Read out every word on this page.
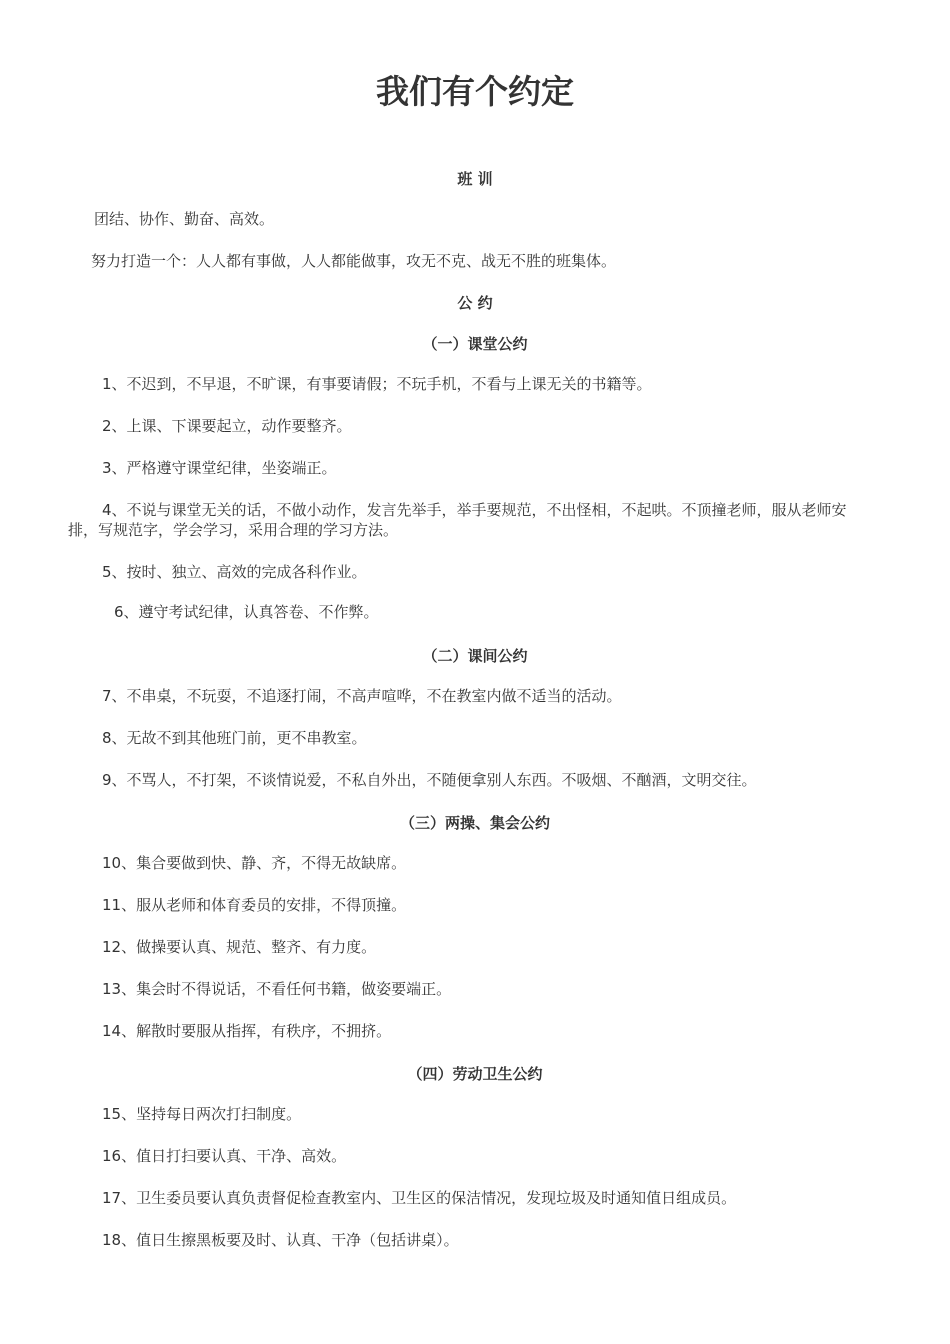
我们有个约定
班 训

团结、协作、勤奋、高效。

努力打造一个：人人都有事做，人人都能做事，攻无不克、战无不胜的班集体。

公 约
（一）课堂公约

1、不迟到，不早退，不旷课，有事要请假；不玩手机，不看与上课无关的书籍等。

2、上课、下课要起立，动作要整齐。

3、严格遵守课堂纪律，坐姿端正。

4、不说与课堂无关的话，不做小动作，发言先举手，举手要规范，不出怪相，不起哄。不顶撞老师，服从老师安排，写规范字，学会学习，采用合理的学习方法。

5、按时、独立、高效的完成各科作业。

6、遵守考试纪律，认真答卷、不作弊。

（二）课间公约

7、不串桌，不玩耍，不追逐打闹，不高声喧哗，不在教室内做不适当的活动。

8、无故不到其他班门前，更不串教室。

9、不骂人，不打架，不谈情说爱，不私自外出，不随便拿别人东西。不吸烟、不酗酒，文明交往。

（三）两操、集会公约

10、集合要做到快、静、齐，不得无故缺席。

11、服从老师和体育委员的安排，不得顶撞。

12、做操要认真、规范、整齐、有力度。

13、集会时不得说话，不看任何书籍，做姿要端正。

14、解散时要服从指挥，有秩序，不拥挤。

（四）劳动卫生公约

15、坚持每日两次打扫制度。

16、值日打扫要认真、干净、高效。

17、卫生委员要认真负责督促检查教室内、卫生区的保洁情况，发现垃圾及时通知值日组成员。

18、值日生擦黑板要及时、认真、干净（包括讲桌）。
